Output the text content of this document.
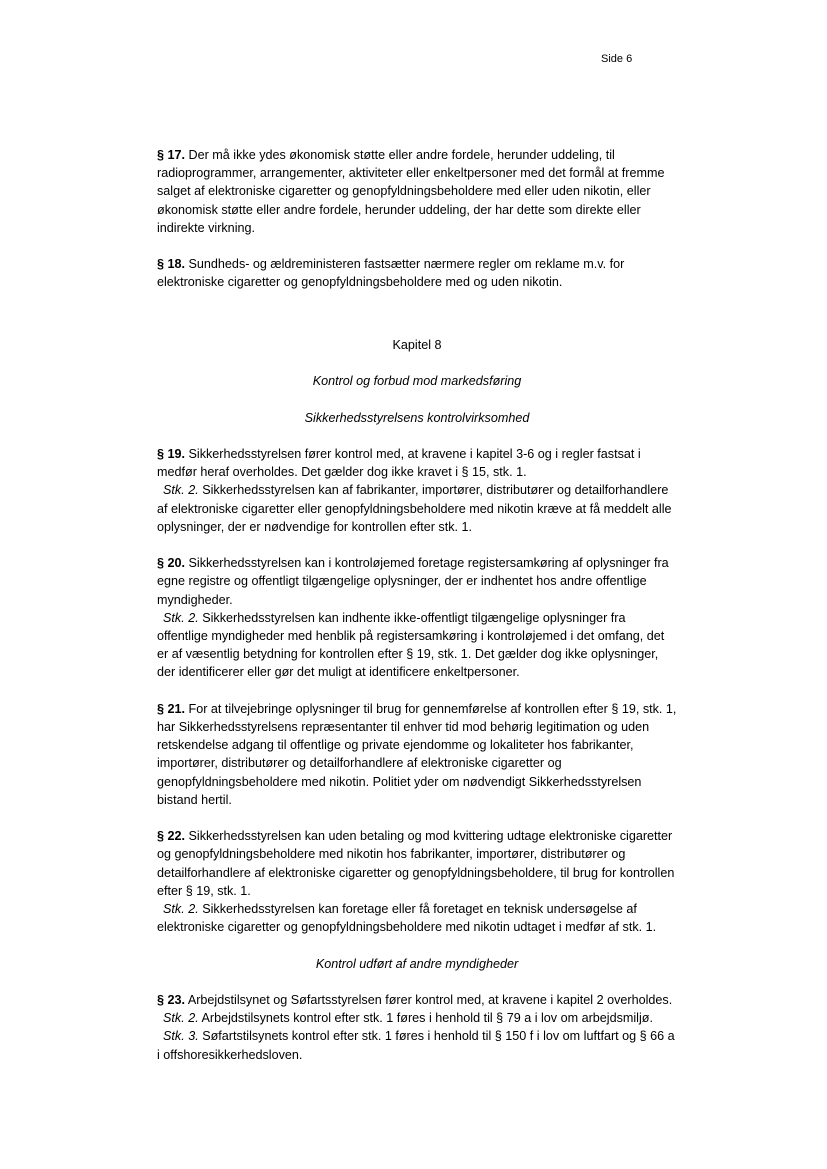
Side 6

§ 17. Der må ikke ydes økonomisk støtte eller andre fordele, herunder uddeling, til radioprogrammer, arrangementer, aktiviteter eller enkeltpersoner med det formål at fremme salget af elektroniske cigaretter og genopfyldningsbeholdere med eller uden nikotin, eller økonomisk støtte eller andre fordele, herunder uddeling, der har dette som direkte eller indirekte virkning.

§ 18. Sundheds- og ældreministeren fastsætter nærmere regler om reklame m.v. for elektroniske cigaretter og genopfyldningsbeholdere med og uden nikotin.

Kapitel 8

Kontrol og forbud mod markedsføring

Sikkerhedsstyrelsens kontrolvirksomhed

§ 19. Sikkerhedsstyrelsen fører kontrol med, at kravene i kapitel 3-6 og i regler fastsat i medfør heraf overholdes. Det gælder dog ikke kravet i § 15, stk. 1.
Stk. 2. Sikkerhedsstyrelsen kan af fabrikanter, importører, distributører og detailforhandlere af elektroniske cigaretter eller genopfyldningsbeholdere med nikotin kræve at få meddelt alle oplysninger, der er nødvendige for kontrollen efter stk. 1.

§ 20. Sikkerhedsstyrelsen kan i kontroløjemed foretage registersamkøring af oplysninger fra egne registre og offentligt tilgængelige oplysninger, der er indhentet hos andre offentlige myndigheder.
Stk. 2. Sikkerhedsstyrelsen kan indhente ikke-offentligt tilgængelige oplysninger fra offentlige myndigheder med henblik på registersamkøring i kontroløjemed i det omfang, det er af væsentlig betydning for kontrollen efter § 19, stk. 1. Det gælder dog ikke oplysninger, der identificerer eller gør det muligt at identificere enkeltpersoner.

§ 21. For at tilvejebringe oplysninger til brug for gennemførelse af kontrollen efter § 19, stk. 1, har Sikkerhedsstyrelsens repræsentanter til enhver tid mod behørig legitimation og uden retskendelse adgang til offentlige og private ejendomme og lokaliteter hos fabrikanter, importører, distributører og detailforhandlere af elektroniske cigaretter og genopfyldningsbeholdere med nikotin. Politiet yder om nødvendigt Sikkerhedsstyrelsen bistand hertil.

§ 22. Sikkerhedsstyrelsen kan uden betaling og mod kvittering udtage elektroniske cigaretter og genopfyldningsbeholdere med nikotin hos fabrikanter, importører, distributører og detailforhandlere af elektroniske cigaretter og genopfyldningsbeholdere, til brug for kontrollen efter § 19, stk. 1.
Stk. 2. Sikkerhedsstyrelsen kan foretage eller få foretaget en teknisk undersøgelse af elektroniske cigaretter og genopfyldningsbeholdere med nikotin udtaget i medfør af stk. 1.

Kontrol udført af andre myndigheder

§ 23. Arbejdstilsynet og Søfartsstyrelsen fører kontrol med, at kravene i kapitel 2 overholdes.
Stk. 2. Arbejdstilsynets kontrol efter stk. 1 føres i henhold til § 79 a i lov om arbejdsmiljø.
Stk. 3. Søfartstilsynets kontrol efter stk. 1 føres i henhold til § 150 f i lov om luftfart og § 66 a i offshoresikkerhedsloven.
